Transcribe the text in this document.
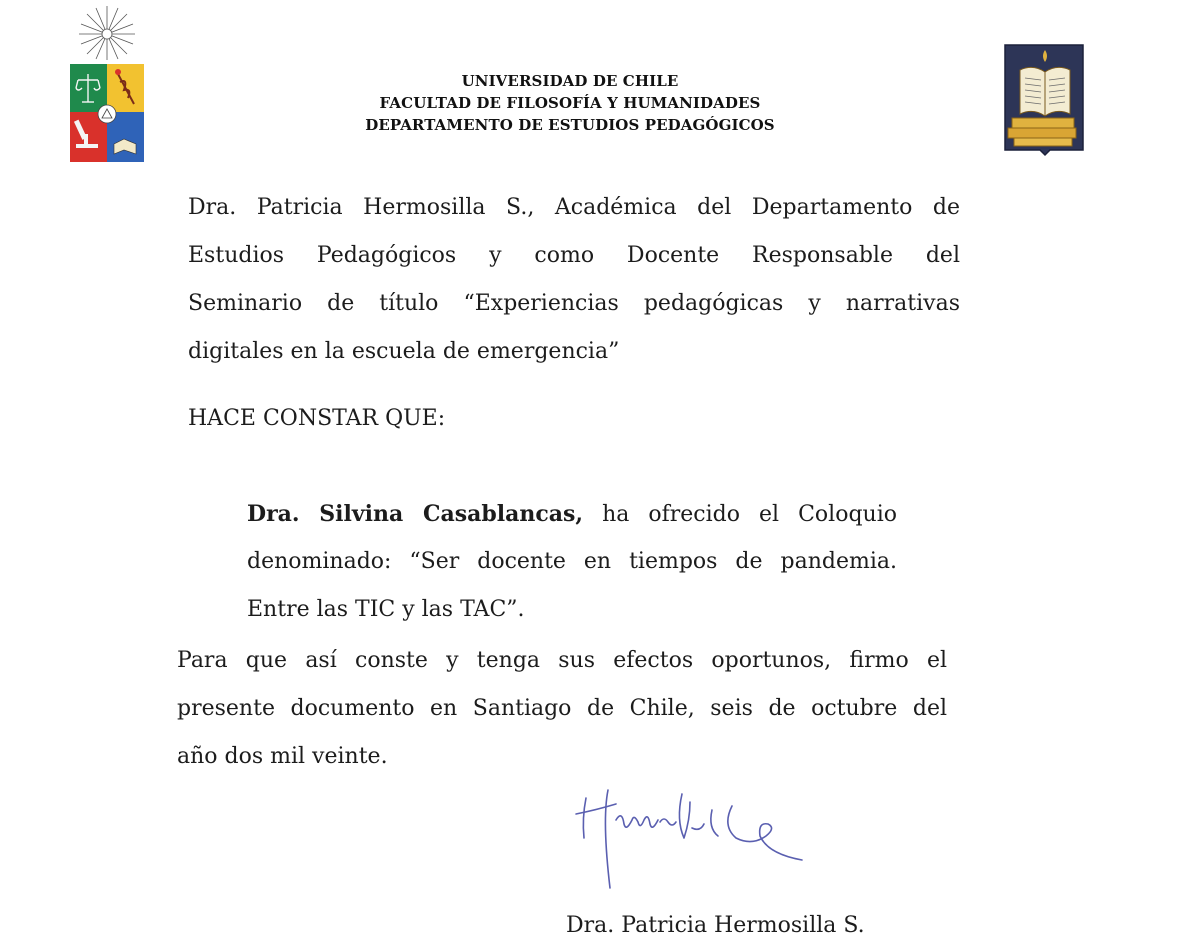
UNIVERSIDAD DE CHILE
FACULTAD DE FILOSOFÍA Y HUMANIDADES
DEPARTAMENTO DE ESTUDIOS PEDAGÓGICOS
Dra. Patricia Hermosilla S., Académica del Departamento de
Estudios Pedagógicos y como Docente Responsable del
Seminario de título “Experiencias pedagógicas y narrativas
digitales en la escuela de emergencia”
HACE CONSTAR QUE:
Dra. Silvina Casablancas, ha ofrecido el Coloquio
denominado: “Ser docente en tiempos de pandemia.
Entre las TIC y las TAC”.
Para que así conste y tenga sus efectos oportunos, firmo el
presente documento en Santiago de Chile, seis de octubre del
año dos mil veinte.
Dra. Patricia Hermosilla S.
